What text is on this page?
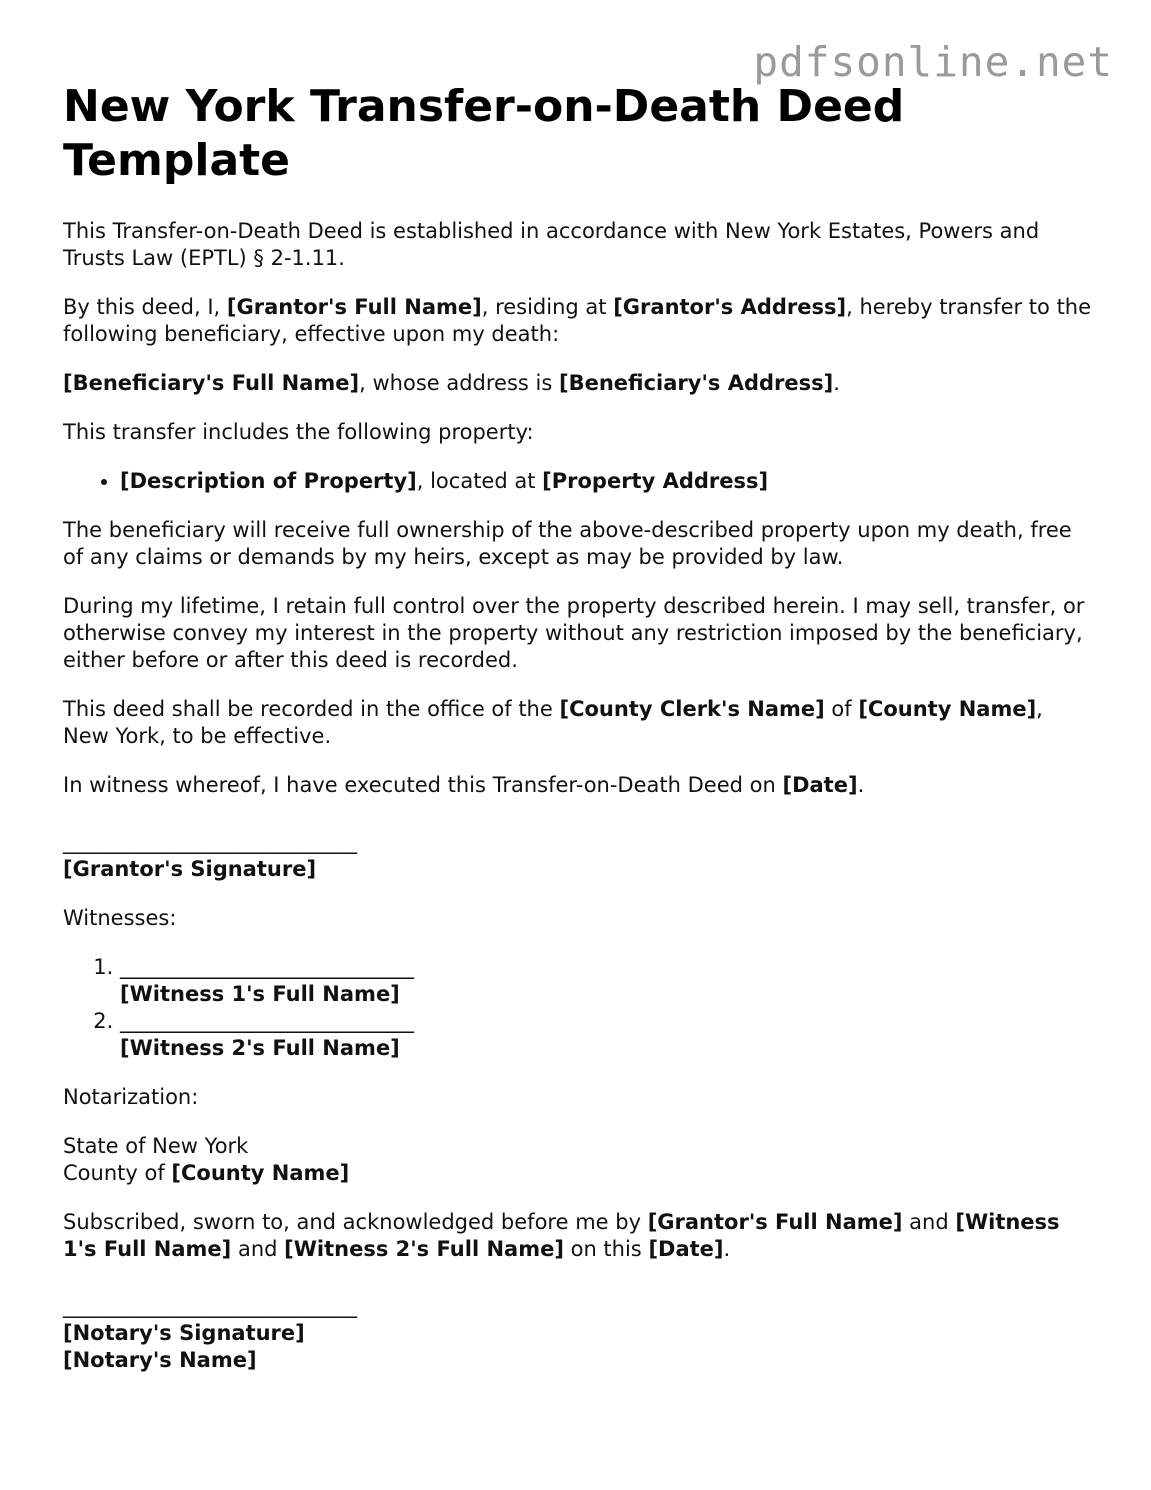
pdfsonline.net
New York Transfer-on-Death Deed Template

This Transfer-on-Death Deed is established in accordance with New York Estates, Powers and Trusts Law (EPTL) § 2-1.11.

By this deed, I, [Grantor's Full Name], residing at [Grantor's Address], hereby transfer to the following beneficiary, effective upon my death:

[Beneficiary's Full Name], whose address is [Beneficiary's Address].

This transfer includes the following property:

• [Description of Property], located at [Property Address]

The beneficiary will receive full ownership of the above-described property upon my death, free of any claims or demands by my heirs, except as may be provided by law.

During my lifetime, I retain full control over the property described herein. I may sell, transfer, or otherwise convey my interest in the property without any restriction imposed by the beneficiary, either before or after this deed is recorded.

This deed shall be recorded in the office of the [County Clerk's Name] of [County Name], New York, to be effective.

In witness whereof, I have executed this Transfer-on-Death Deed on [Date].

____________________________
[Grantor's Signature]

Witnesses:

1. ____________________________
[Witness 1's Full Name]
2. ____________________________
[Witness 2's Full Name]

Notarization:

State of New York
County of [County Name]

Subscribed, sworn to, and acknowledged before me by [Grantor's Full Name] and [Witness 1's Full Name] and [Witness 2's Full Name] on this [Date].

____________________________
[Notary's Signature]
[Notary's Name]
